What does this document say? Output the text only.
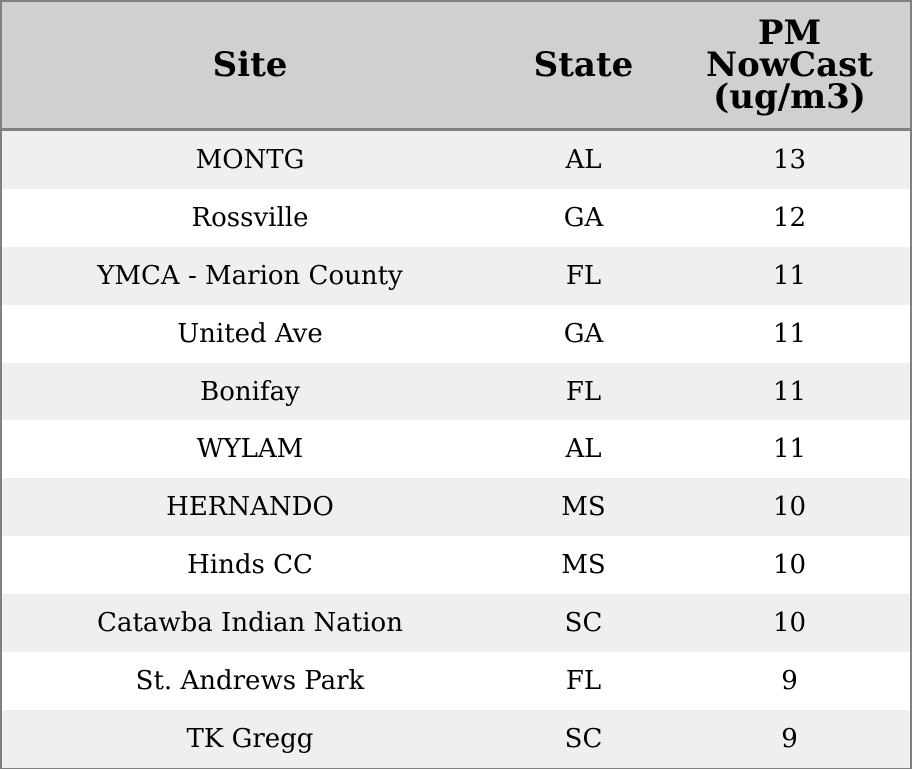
Site	State	PM
NowCast
(ug/m3)

MONTG	AL	13
Rossville	GA	12
YMCA - Marion County	FL	11
United Ave	GA	11
Bonifay	FL	11
WYLAM	AL	11
HERNANDO	MS	10
Hinds CC	MS	10
Catawba Indian Nation	SC	10
St. Andrews Park	FL	9
TK Gregg	SC	9
